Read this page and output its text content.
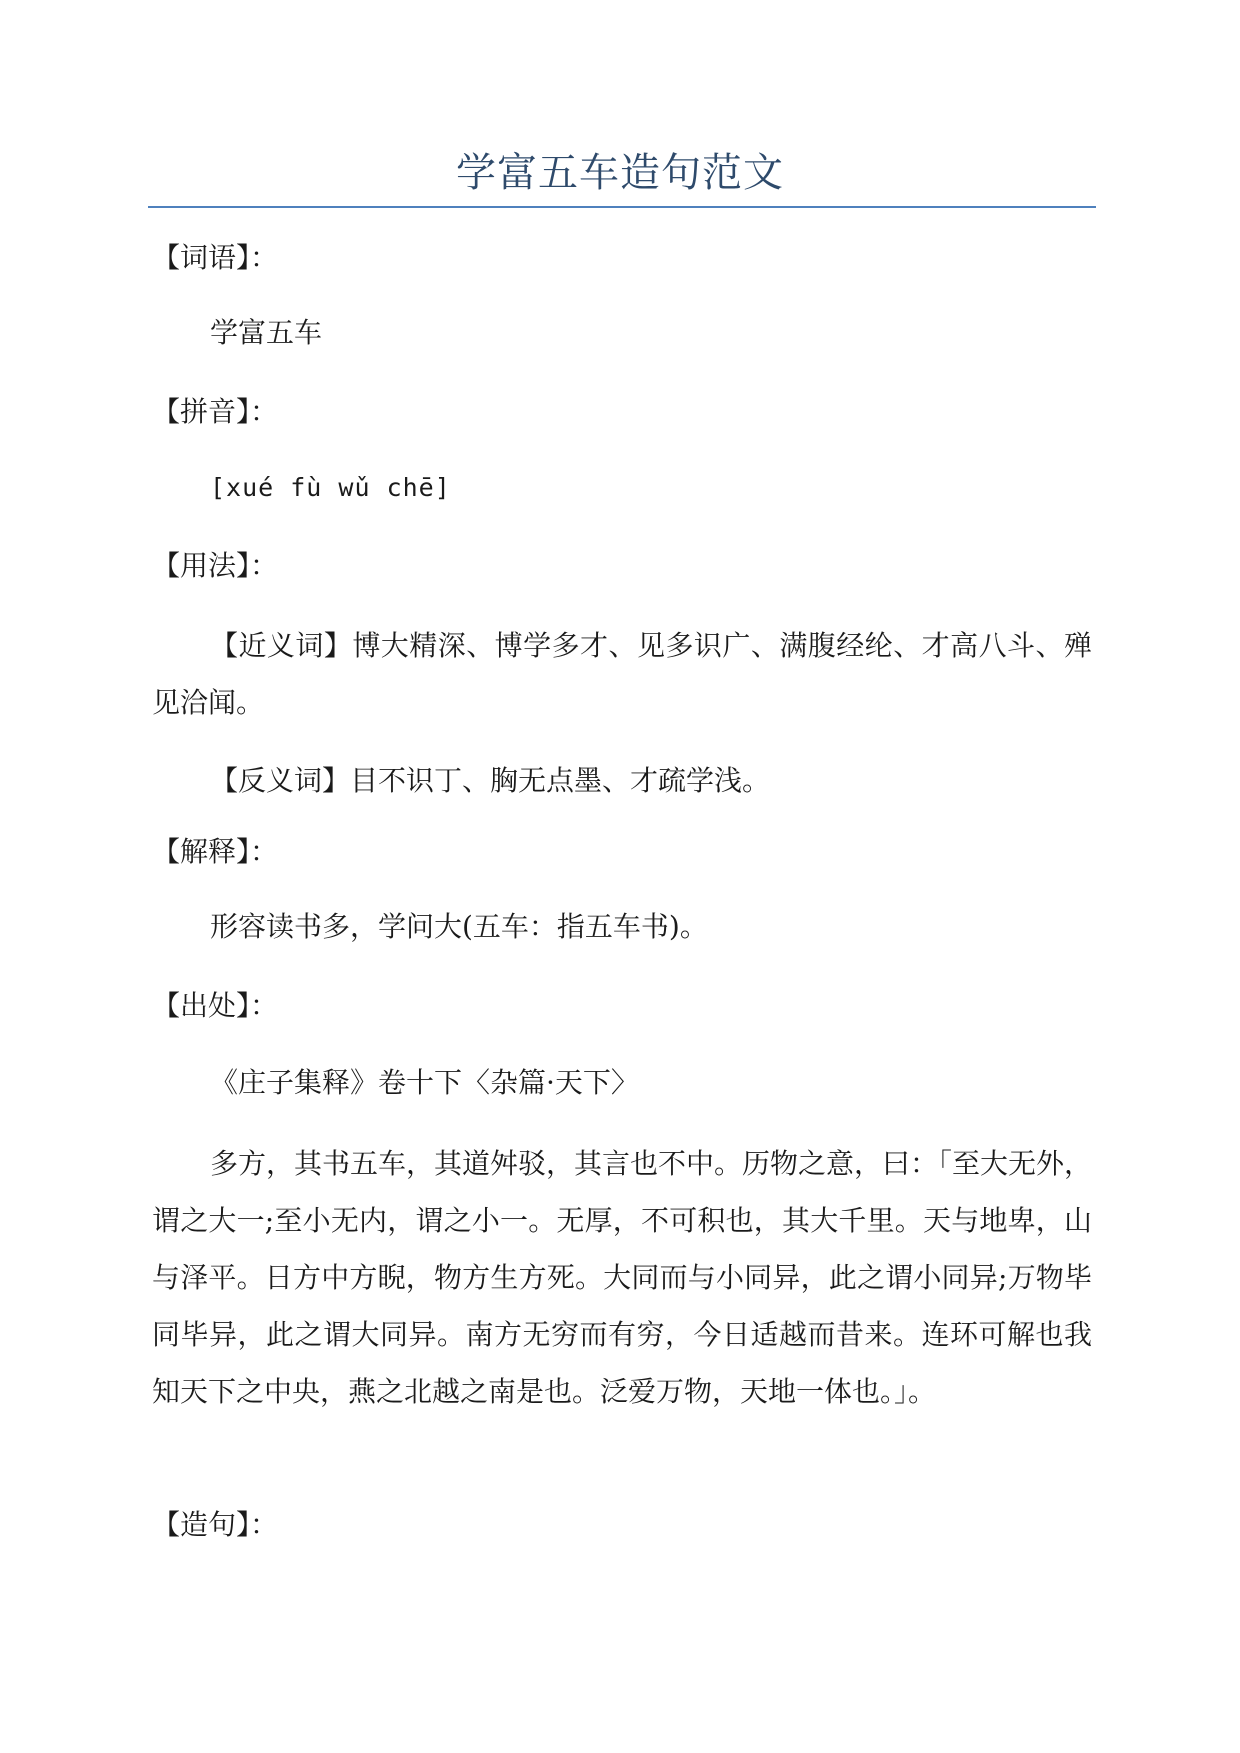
学富五车造句范文
【词语】：
学富五车
【拼音】：
[xué fù wǔ chē]
【用法】：
【近义词】博大精深、博学多才、见多识广、满腹经纶、才高八斗、殚见洽闻。
【反义词】目不识丁、胸无点墨、才疏学浅。
【解释】：
形容读书多，学问大(五车：指五车书)。
【出处】：
《庄子集释》卷十下〈杂篇·天下〉
多方，其书五车，其道舛驳，其言也不中。历物之意，曰：「至大无外，谓之大一;至小无内，谓之小一。无厚，不可积也，其大千里。天与地卑，山与泽平。日方中方睨，物方生方死。大同而与小同异，此之谓小同异;万物毕同毕异，此之谓大同异。南方无穷而有穷，今日适越而昔来。连环可解也我知天下之中央，燕之北越之南是也。泛爱万物，天地一体也。」。
【造句】：
